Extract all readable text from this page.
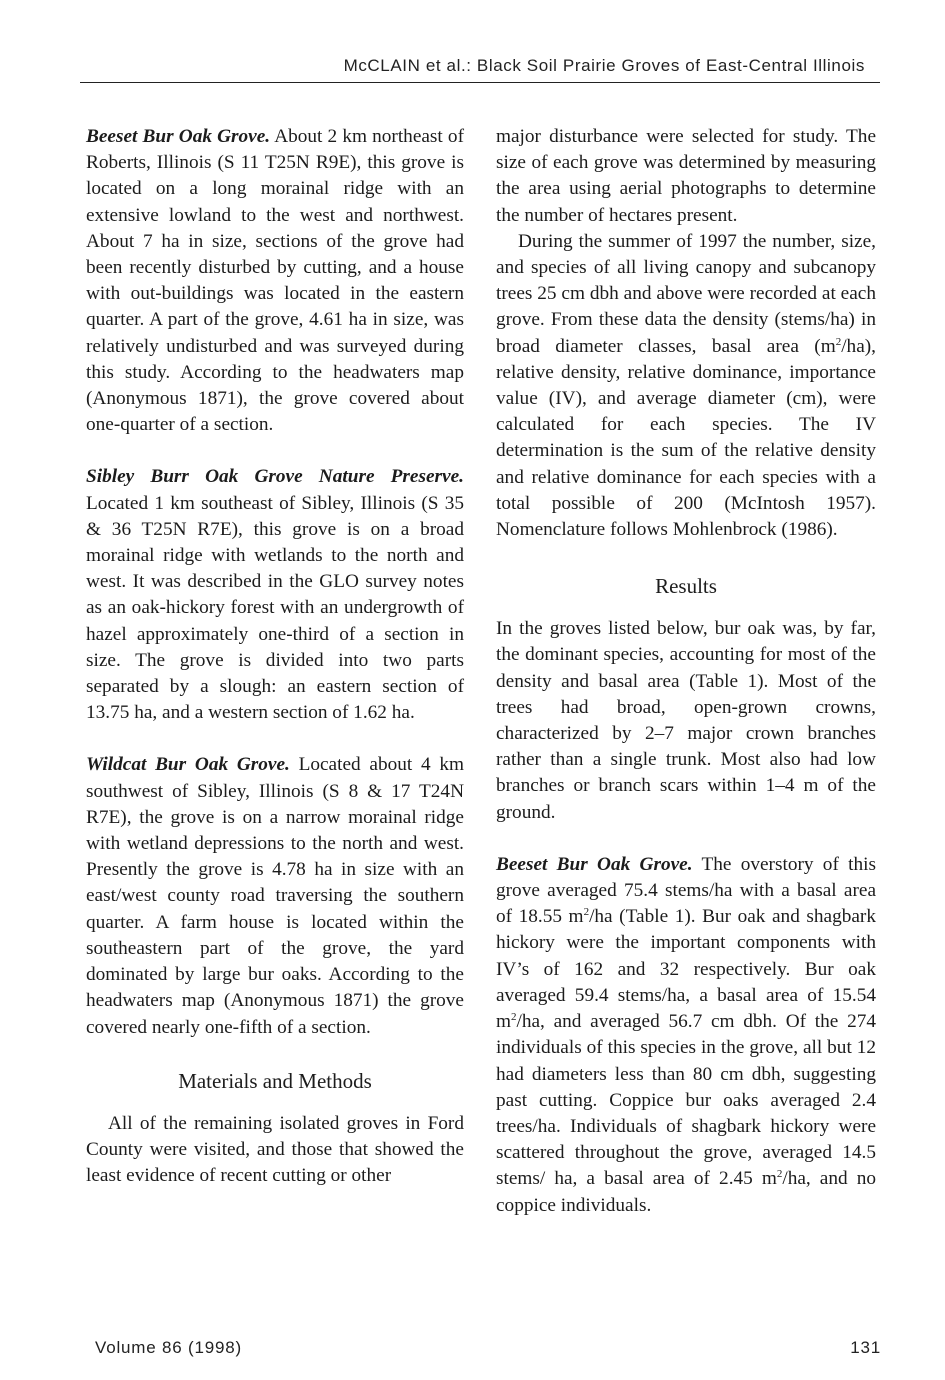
McCLAIN et al.: Black Soil Prairie Groves of East-Central Illinois

Beeset Bur Oak Grove. About 2 km northeast of Roberts, Illinois (S 11 T25N R9E), this grove is located on a long morainal ridge with an extensive lowland to the west and northwest. About 7 ha in size, sections of the grove had been recently disturbed by cutting, and a house with out-buildings was located in the eastern quarter. A part of the grove, 4.61 ha in size, was relatively undisturbed and was surveyed during this study. According to the headwaters map (Anonymous 1871), the grove covered about one-quarter of a section.

Sibley Burr Oak Grove Nature Preserve. Located 1 km southeast of Sibley, Illinois (S 35 & 36 T25N R7E), this grove is on a broad morainal ridge with wetlands to the north and west. It was described in the GLO survey notes as an oak-hickory forest with an undergrowth of hazel approximately one-third of a section in size. The grove is divided into two parts separated by a slough: an eastern section of 13.75 ha, and a western section of 1.62 ha.

Wildcat Bur Oak Grove. Located about 4 km southwest of Sibley, Illinois (S 8 & 17 T24N R7E), the grove is on a narrow morainal ridge with wetland depressions to the north and west. Presently the grove is 4.78 ha in size with an east/west county road traversing the southern quarter. A farm house is located within the southeastern part of the grove, the yard dominated by large bur oaks. According to the headwaters map (Anonymous 1871) the grove covered nearly one-fifth of a section.

Materials and Methods

All of the remaining isolated groves in Ford County were visited, and those that showed the least evidence of recent cutting or other

major disturbance were selected for study. The size of each grove was determined by measuring the area using aerial photographs to determine the number of hectares present.

During the summer of 1997 the number, size, and species of all living canopy and subcanopy trees 25 cm dbh and above were recorded at each grove. From these data the density (stems/ha) in broad diameter classes, basal area $(m^2/ha)$, relative density, relative dominance, importance value (IV), and average diameter (cm), were calculated for each species. The IV determination is the sum of the relative density and relative dominance for each species with a total possible of 200 (McIntosh 1957). Nomenclature follows Mohlenbrock (1986).

Results

In the groves listed below, bur oak was, by far, the dominant species, accounting for most of the density and basal area (Table 1). Most of the trees had broad, open-grown crowns, characterized by 2–7 major crown branches rather than a single trunk. Most also had low branches or branch scars within 1–4 m of the ground.

Beeset Bur Oak Grove. The overstory of this grove averaged 75.4 stems/ha with a basal area of 18.55 $m^2/ha$ (Table 1). Bur oak and shagbark hickory were the important components with IV’s of 162 and 32 respectively. Bur oak averaged 59.4 stems/ha, a basal area of 15.54 $m^2/ha$, and averaged 56.7 cm dbh. Of the 274 individuals of this species in the grove, all but 12 had diameters less than 80 cm dbh, suggesting past cutting. Coppice bur oaks averaged 2.4 trees/ha. Individuals of shagbark hickory were scattered throughout the grove, averaged 14.5 stems/ ha, a basal area of 2.45 $m^2/ha$, and no coppice individuals.

Volume 86 (1998)	131
